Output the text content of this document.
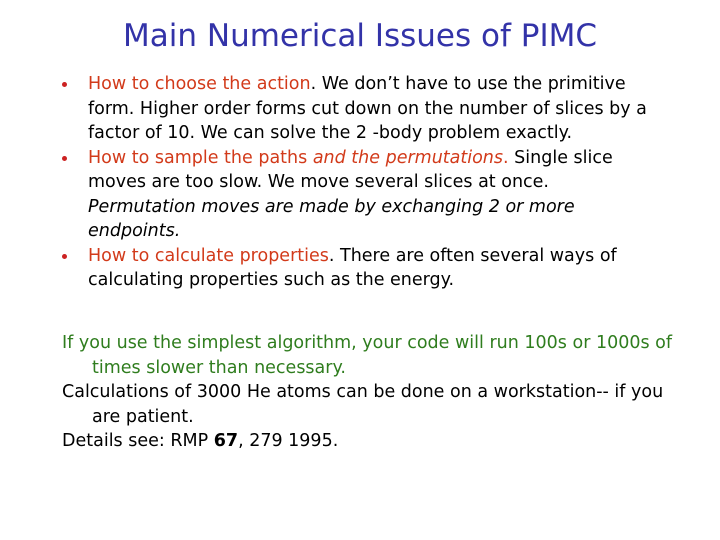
Main Numerical Issues of PIMC
How to choose the action. We don’t have to use the primitive form. Higher order forms cut down on the number of slices by a factor of 10. We can solve the 2 -body problem exactly.
How to sample the paths and the permutations. Single slice moves are too slow. We move several slices at once. Permutation moves are made by exchanging 2 or more endpoints.
How to calculate properties. There are often several ways of calculating properties such as the energy.

If you use the simplest algorithm, your code will run 100s or 1000s of times slower than necessary.

Calculations of 3000 He atoms can be done on a workstation-- if you are patient.

Details see: RMP 67, 279 1995.
